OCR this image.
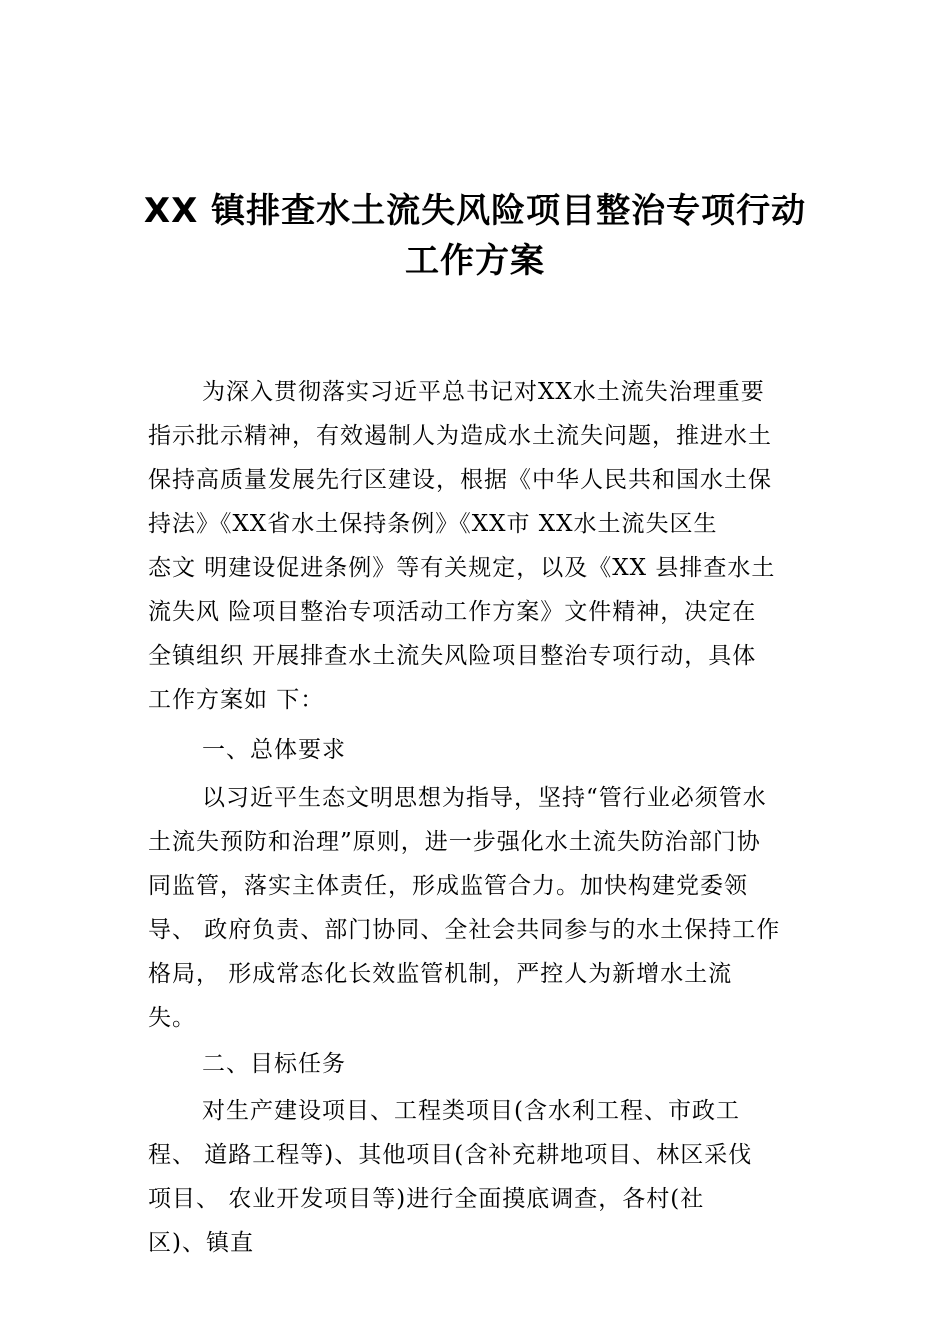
XX 镇排查水土流失风险项目整治专项行动
工作方案
为深入贯彻落实习近平总书记对XX水土流失治理重要
指示批示精神，有效遏制人为造成水土流失问题，推进水土
保持高质量发展先行区建设，根据《中华人民共和国水土保
持法》《XX省水土保持条例》《XX市 XX水土流失区生
态文 明建设促进条例》等有关规定，以及《XX 县排查水土
流失风 险项目整治专项活动工作方案》文件精神，决定在
全镇组织 开展排查水土流失风险项目整治专项行动，具体
工作方案如 下：
一、总体要求
以习近平生态文明思想为指导，坚持“管行业必须管水
土流失预防和治理”原则，进一步强化水土流失防治部门协
同监管，落实主体责任，形成监管合力。加快构建党委领
导、 政府负责、部门协同、全社会共同参与的水土保持工作
格局， 形成常态化长效监管机制，严控人为新增水土流
失。
二、目标任务
对生产建设项目、工程类项目(含水利工程、市政工
程、 道路工程等)、其他项目(含补充耕地项目、林区采伐
项目、 农业开发项目等)进行全面摸底调查，各村(社
区)、镇直
